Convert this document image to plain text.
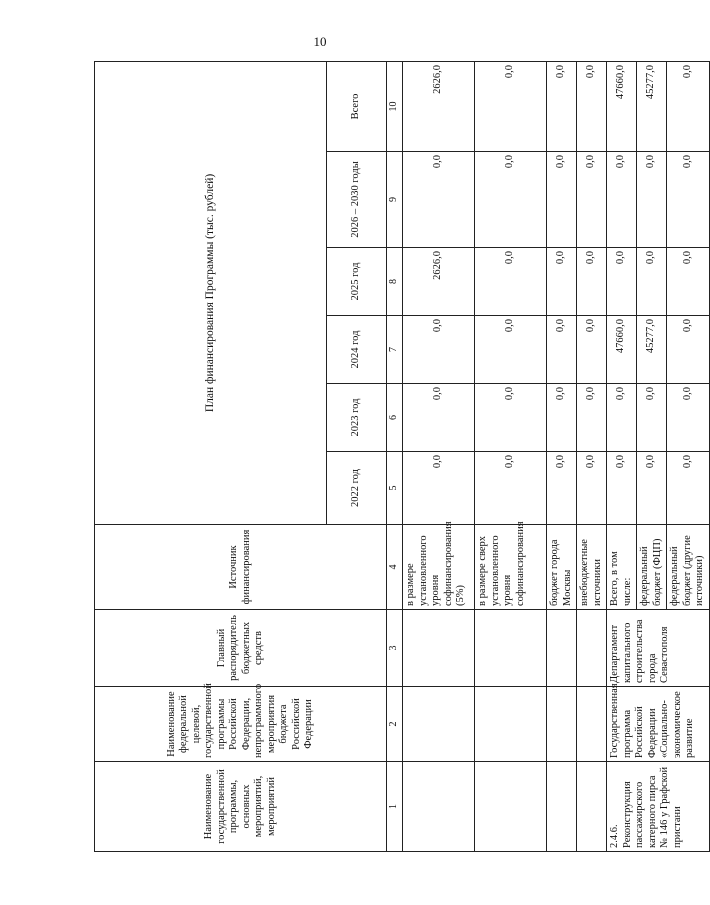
10
Наименование государственной программы, основных мероприятий, мероприятий	Наименование федеральной целевой, государственной программы Российской Федерации, непрограммного мероприятия бюджета Российской Федерации	Главный распорядитель бюджетных средств	Источник финансирования	План финансирования Программы (тыс. рублей)					
				2022 год	2023 год	2024 год	2025 год	2026 – 2030 годы	Всего
1	2	3	4	5	6	7	8	9	10
			в размере установленного уровня софинансирования (5%)	0,0	0,0	0,0	2626,0	0,0	2626,0
			в размере сверх установленного уровня софинансирования	0,0	0,0	0,0	0,0	0,0	0,0
			бюджет города Москвы	0,0	0,0	0,0	0,0	0,0	0,0
			внебюджетные источники	0,0	0,0	0,0	0,0	0,0	0,0
2.4.6. Реконструкция пассажирского катерного пирса № 146 у Графской пристани	Государственная программа Российской Федерации «Социально-экономическое развитие	Департамент капитального строительства города Севастополя	Всего, в том числе:	0,0	0,0	47660,0	0,0	0,0	47660,0
			федеральный бюджет (ФЦП)	0,0	0,0	45277,0	0,0	0,0	45277,0
			федеральный бюджет (другие источники)	0,0	0,0	0,0	0,0	0,0	0,0
